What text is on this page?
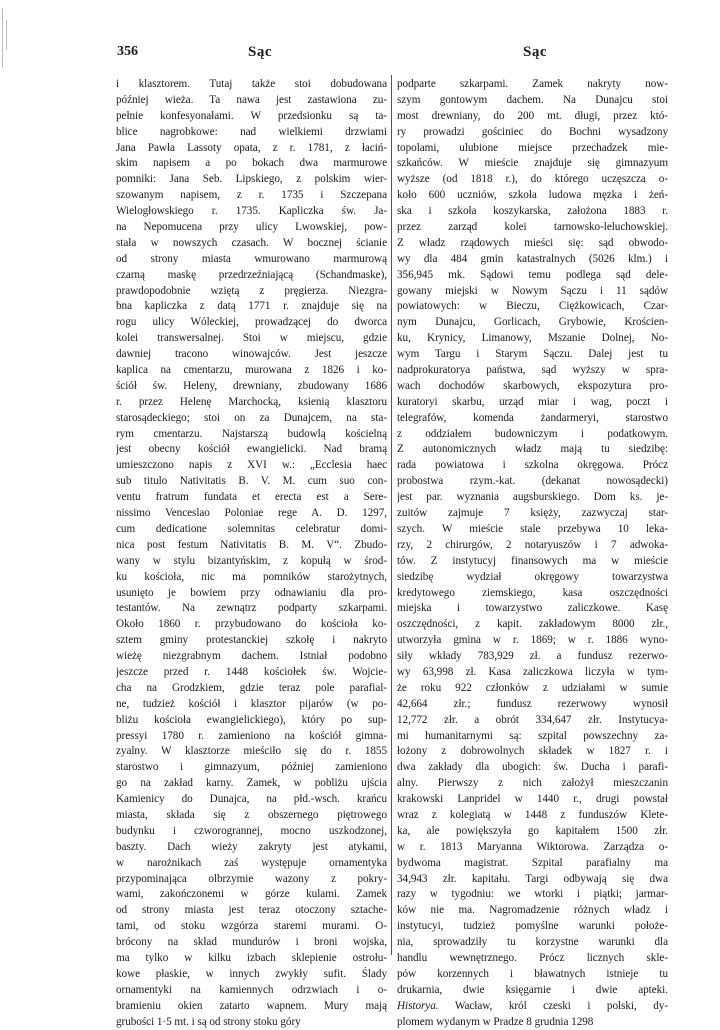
356	Sąc	Sąc
i klasztorem. Tutaj także stoi dobudowana
później wieża. Ta nawa jest zastawiona zu-
pełnie konfesyonałami. W przedsionku są ta-
blice nagrobkowe: nad wielkiemi drzwiami
Jana Pawła Lassoty opata, z r. 1781, z łaciń-
skim napisem a po bokach dwa marmurowe
pomniki: Jana Seb. Lipskiego, z polskim wier-
szowanym napisem, z r. 1735 i Szczepana
Wielogłowskiego r. 1735. Kapliczka św. Ja-
na Nepomucena przy ulicy Lwowskiej, pow-
stała w nowszych czasach. W bocznej ścianie
od strony miasta wmurowano marmurową
czarną maskę przedrzeźniającą (Schandmaske),
prawdopodobnie wziętą z pręgierza. Niezgra-
bna kapliczka z datą 1771 r. znajduje się na
rogu ulicy Wóleckiej, prowadzącej do dworca
kolei transwersalnej. Stoi w miejscu, gdzie
dawniej tracono winowajców. Jest jeszcze
kaplica na cmentarzu, murowana z 1826 i ko-
ściół św. Heleny, drewniany, zbudowany 1686
r. przez Helenę Marchocką, ksienią klasztoru
starosądeckiego; stoi on za Dunajcem, na sta-
rym cmentarzu. Najstarszą budowlą kościelną
jest obecny kościół ewangielicki. Nad bramą
umieszczono napis z XVI w.: „Ecclesia haec
sub titulo Nativitatis B. V. M. cum suo con-
ventu fratrum fundata et erecta est a Sere-
nissimo Venceslao Poloniae rege A. D. 1297,
cum dedicatione solemnitas celebratur domi-
nica post festum Nativitatis B. M. V“. Zbudo-
wany w stylu bizantyńskim, z kopułą w środ-
ku kościoła, nic ma pomników starożytnych,
usunięto je bowiem przy odnawianiu dla pro-
testantów. Na zewnątrz podparty szkarpami.
Około 1860 r. przybudowano do kościoła ko-
sztem gminy protestanckiej szkołę i nakryto
wieżę niezgrabnym dachem. Istniał podobno
jeszcze przed r. 1448 kościołek św. Wojcie-
cha na Grodzkiem, gdzie teraz pole parafial-
ne, tudzież kościół i klasztor pijarów (w po-
bliżu kościoła ewangielickiego), który po sup-
pressyi 1780 r. zamieniono na kościół gimna-
zyalny. W klasztorze mieściło się do r. 1855
starostwo i gimnazyum, później zamieniono
go na zakład karny. Zamek, w pobliżu ujścia
Kamienicy do Dunajca, na płd.-wsch. krańcu
miasta, składa się z obszernego piętrowego
budynku i czworogrannej, mocno uszkodzonej,
baszty. Dach wieży zakryty jest atykami,
w narożnikach zaś występuje ornamentyka
przypominająca olbrzymie wazony z pokry-
wami, zakończonemi w górze kulami. Zamek
od strony miasta jest teraz otoczony sztache-
tami, od stoku wzgórza staremi murami. O-
brócony na skład mundurów i broni wojska,
ma tylko w kilku izbach sklepienie ostrołu-
kowe płaskie, w innych zwykły sufit. Ślady
ornamentyki na kamiennych odrzwiach i o-
bramieniu okien zatarto wapnem. Mury mają
grubości 1·5 mt. i są od strony stoku góry
podparte szkarpami. Zamek nakryty now-
szym gontowym dachem. Na Dunajcu stoi
most drewniany, do 200 mt. długi, przez któ-
ry prowadzi gościniec do Bochni wysadzony
topolami, ulubione miejsce przechadzek mie-
szkańców. W mieście znajduje się gimnazyum
wyższe (od 1818 r.), do którego uczęszcza o-
koło 600 uczniów, szkoła ludowa męzka i żeń-
ska i szkoła koszykarska, założona 1883 r.
przez zarząd kolei tarnowsko-leluchowskiej.
Z władz rządowych mieści się: sąd obwodo-
wy dla 484 gmin katastralnych (5026 klm.) i
356,945 mk. Sądowi temu podlega sąd dele-
gowany miejski w Nowym Sączu i 11 sądów
powiatowych: w Bieczu, Ciężkowicach, Czar-
nym Dunajcu, Gorlicach, Grybowie, Krościen-
ku, Krynicy, Limanowy, Mszanie Dolnej, No-
wym Targu i Starym Sączu. Dalej jest tu
nadprokuratorya państwa, sąd wyższy w spra-
wach dochodów skarbowych, ekspozytura pro-
kuratoryi skarbu, urząd miar i wag, poczt i
telegrafów, komenda żandarmeryi, starostwo
z oddziałem budowniczym i podatkowym.
Z autonomicznych władz mają tu siedzibę:
rada powiatowa i szkolna okręgowa. Prócz
probostwa rzym.-kat. (dekanat nowosądecki)
jest par. wyznania augsburskiego. Dom ks. je-
zuitów zajmuje 7 księży, zazwyczaj star-
szych. W mieście stale przebywa 10 leka-
rzy, 2 chirurgów, 2 notaryuszów i 7 adwoka-
tów. Z instytucyj finansowych ma w mieście
siedzibę wydział okręgowy towarzystwa
kredytowego ziemskiego, kasa oszczędności
miejska i towarzystwo zaliczkowe. Kasę
oszczędności, z kapit. zakładowym 8000 złr.,
utworzyła gmina w r. 1869; w r. 1886 wyno-
siły wkłady 783,929 zł. a fundusz rezerwo-
wy 63,998 zł. Kasa zaliczkowa liczyła w tym-
że roku 922 członków z udziałami w sumie
42,664 złr.; fundusz rezerwowy wynosił
12,772 złr. a obrót 334,647 złr. Instytucya-
mi humanitarnymi są: szpital powszechny za-
łożony z dobrowolnych składek w 1827 r. i
dwa zakłady dla ubogich: św. Ducha i parafi-
alny. Pierwszy z nich założył mieszczanin
krakowski Lanpridel w 1440 r., drugi powstał
wraz z kolegiatą w 1448 z funduszów Klete-
ka, ale powiększyła go kapitałem 1500 złr.
w r. 1813 Maryanna Wiktorowa. Zarządza o-
bydwoma magistrat. Szpital parafialny ma
34,943 złr. kapitału. Targi odbywają się dwa
razy w tygodniu: we wtorki i piątki; jarmar-
ków nie ma. Nagromadzenie różnych władz i
instytucyi, tudzież pomyślne warunki położe-
nia, sprowadziły tu korzystne warunki dla
handlu wewnętrznego. Prócz licznych skle-
pów korzennych i bławatnych istnieje tu
drukarnia, dwie księgarnie i dwie apteki.
Historya. Wacław, król czeski i polski, dy-
plomem wydanym w Pradze 8 grudnia 1298
